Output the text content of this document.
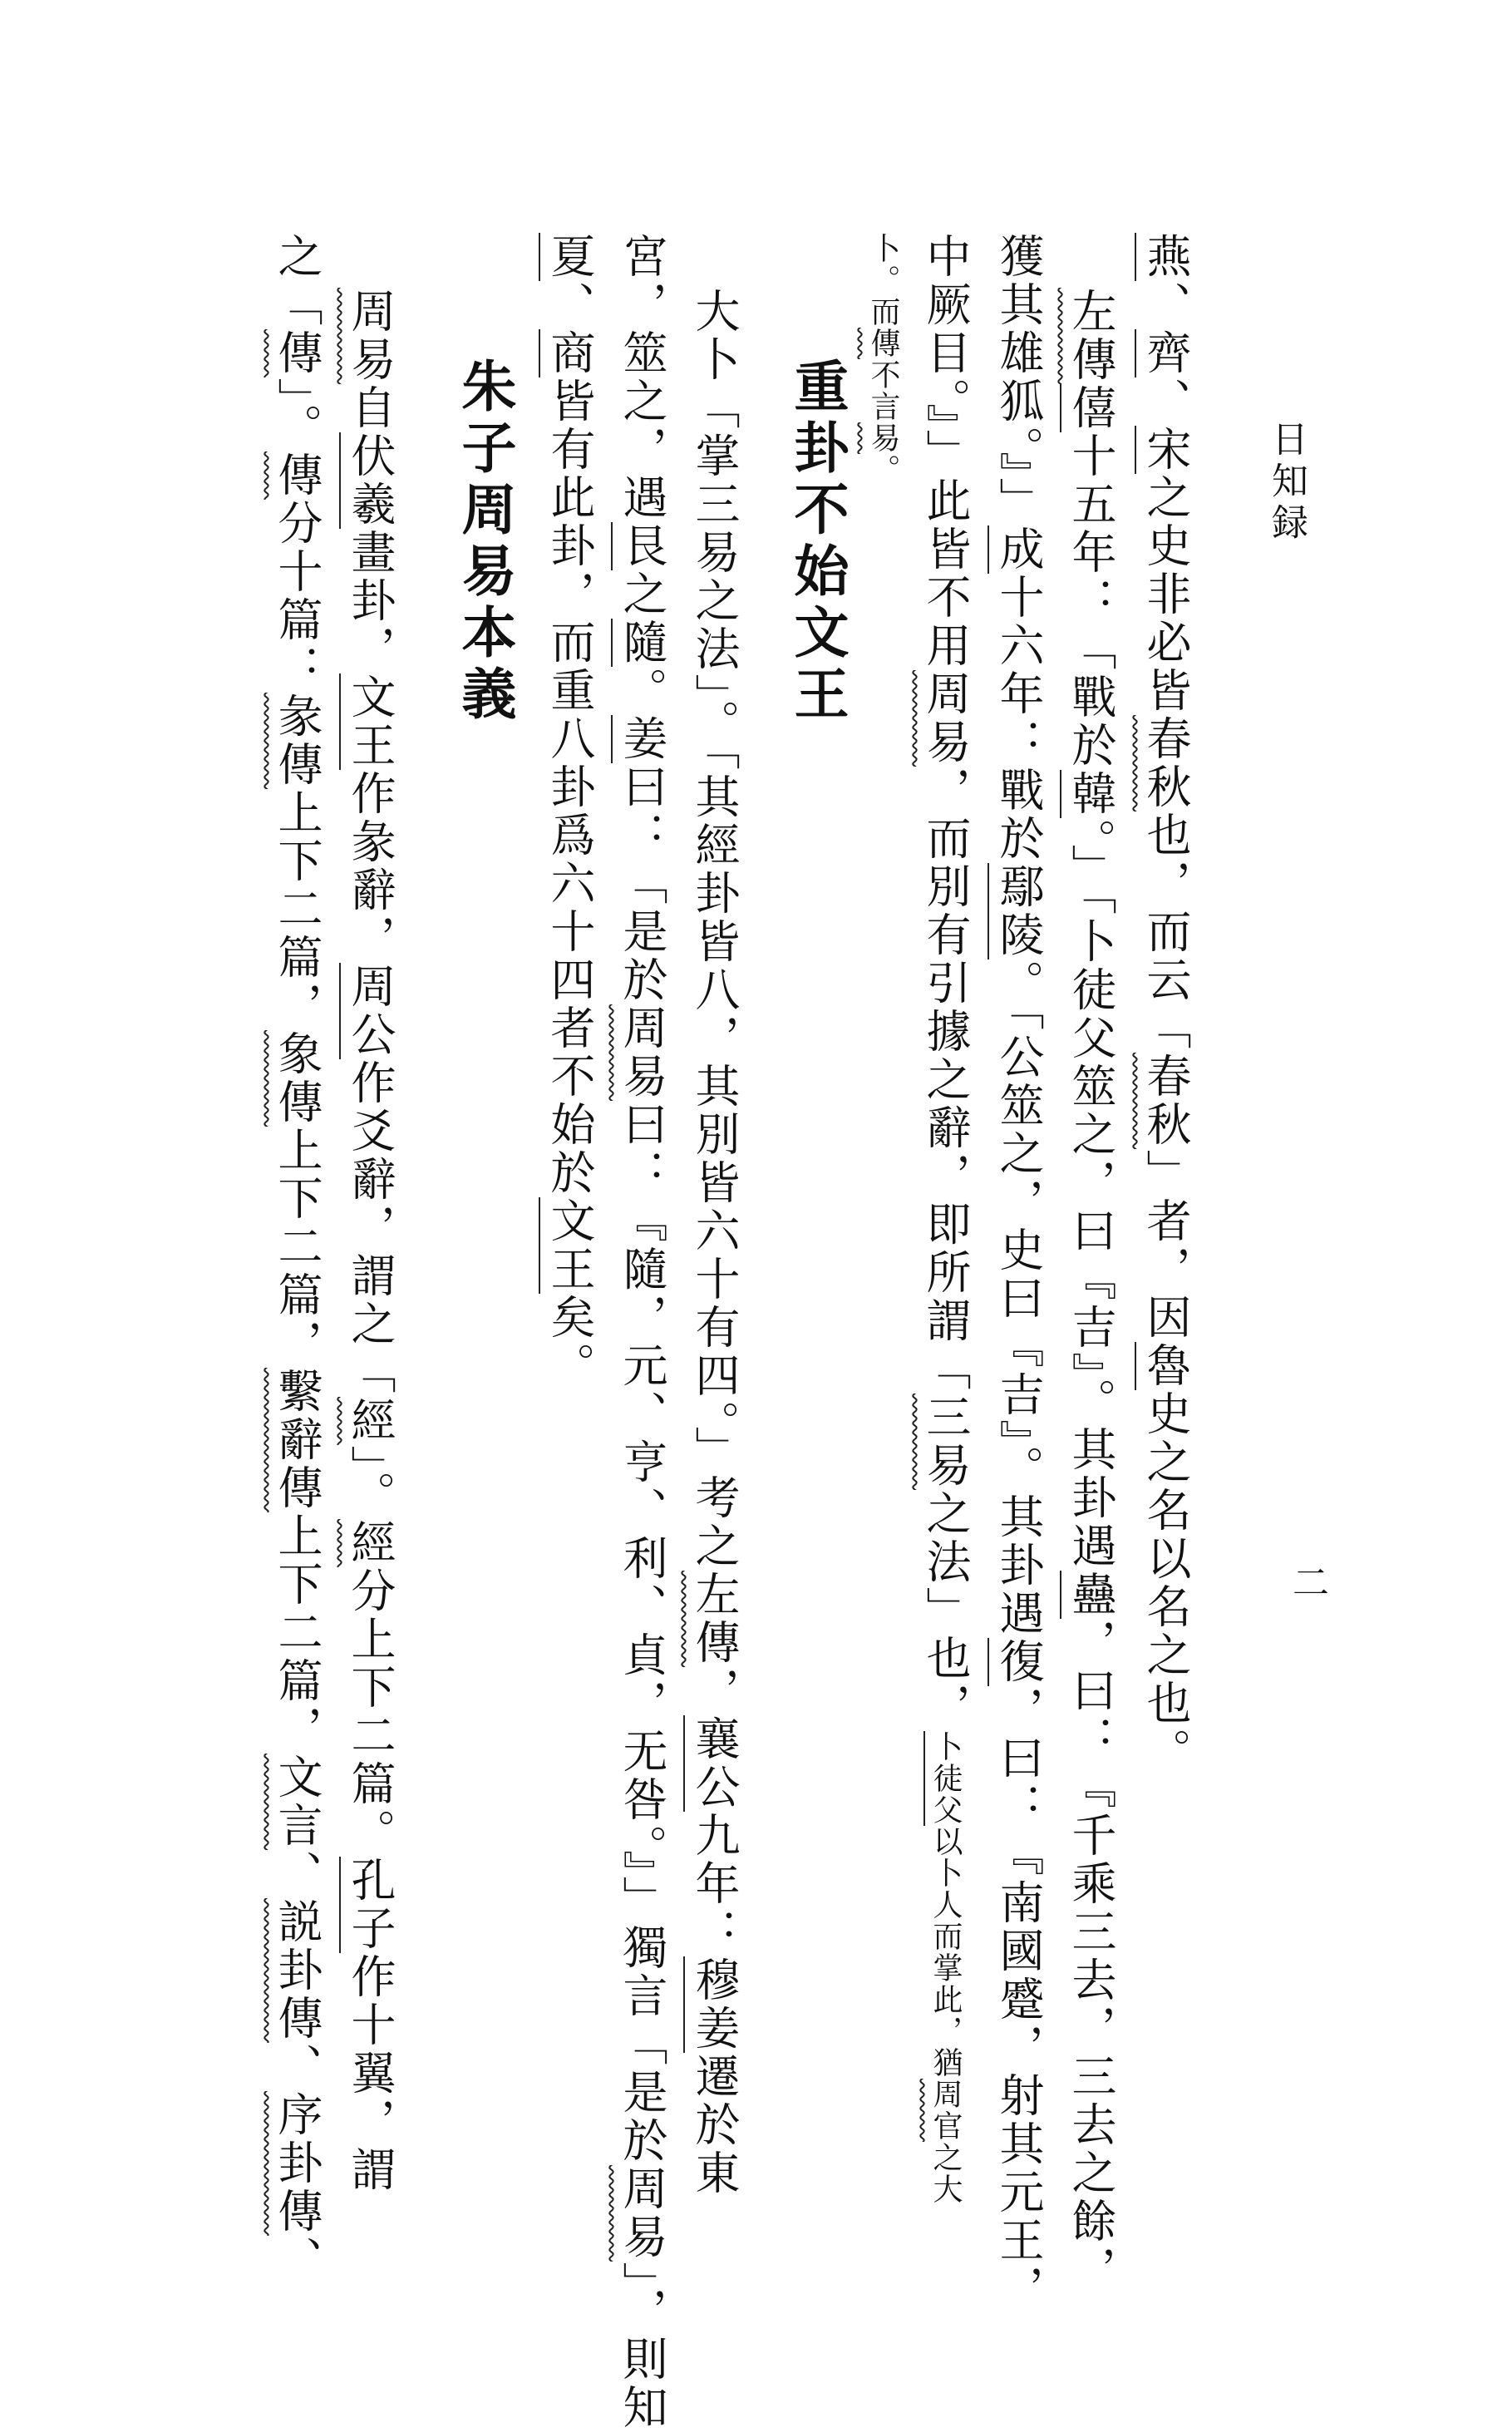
日知録
二
燕、齊、宋之史非必皆春秋也，而云「春秋」者，因魯史之名以名之也。
左傳僖十五年：「戰於韓。」「卜徒父筮之，曰『吉』。其卦遇蠱，曰：『千乘三去，三去之餘，
獲其雄狐。』」成十六年：戰於鄢陵。「公筮之，史曰『吉』。其卦遇復，曰：『南國蹙，射其元王，
中厥目。』」此皆不用周易，而別有引據之辭，即所謂「三易之法」也，卜徒父以卜人而掌此，猶周官之大
卜。而傳不言易。
重卦不始文王
大卜「掌三易之法」。「其經卦皆八，其別皆六十有四。」考之左傳，襄公九年：穆姜遷於東
宮，筮之，遇艮之隨。姜曰：「是於周易曰：『隨，元、亨、利、貞，无咎。』」獨言「是於周易」，則知
夏、商皆有此卦，而重八卦爲六十四者不始於文王矣。
朱子周易本義
周易自伏羲畫卦，文王作彖辭，周公作爻辭，謂之「經」。經分上下二篇。孔子作十翼，謂
之「傳」。傳分十篇：彖傳上下二篇，象傳上下二篇，繫辭傳上下二篇，文言、説卦傳、序卦傳、
